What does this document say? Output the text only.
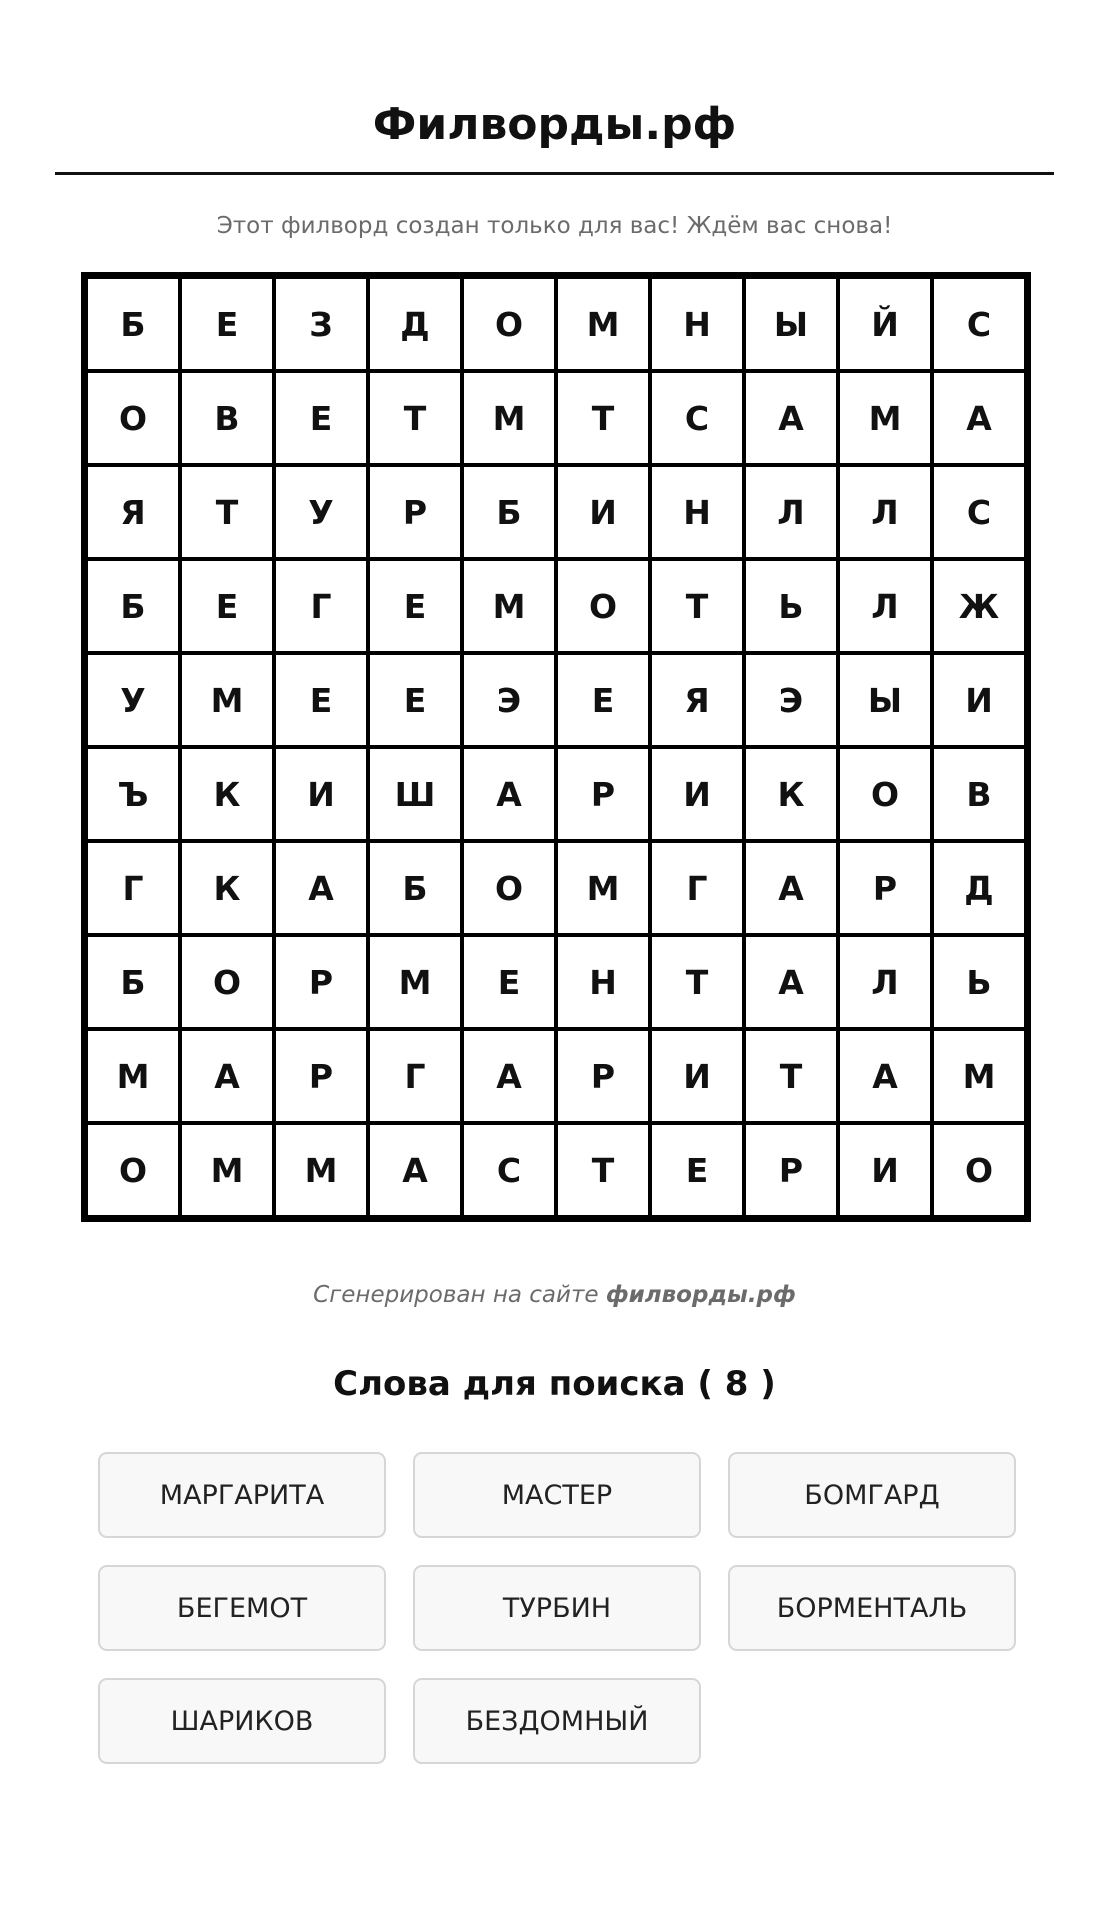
Филворды.рф
Этот филворд создан только для вас! Ждём вас снова!
Б	Е	З	Д	О	М	Н	Ы	Й	С
О	В	Е	Т	М	Т	С	А	М	А
Я	Т	У	Р	Б	И	Н	Л	Л	С
Б	Е	Г	Е	М	О	Т	Ь	Л	Ж
У	М	Е	Е	Э	Е	Я	Э	Ы	И
Ъ	К	И	Ш	А	Р	И	К	О	В
Г	К	А	Б	О	М	Г	А	Р	Д
Б	О	Р	М	Е	Н	Т	А	Л	Ь
М	А	Р	Г	А	Р	И	Т	А	М
О	М	М	А	С	Т	Е	Р	И	О
Сгенерирован на сайте филворды.рф
Слова для поиска ( 8 )
МАРГАРИТА	МАСТЕР	БОМГАРД
БЕГЕМОТ	ТУРБИН	БОРМЕНТАЛЬ
ШАРИКОВ	БЕЗДОМНЫЙ
